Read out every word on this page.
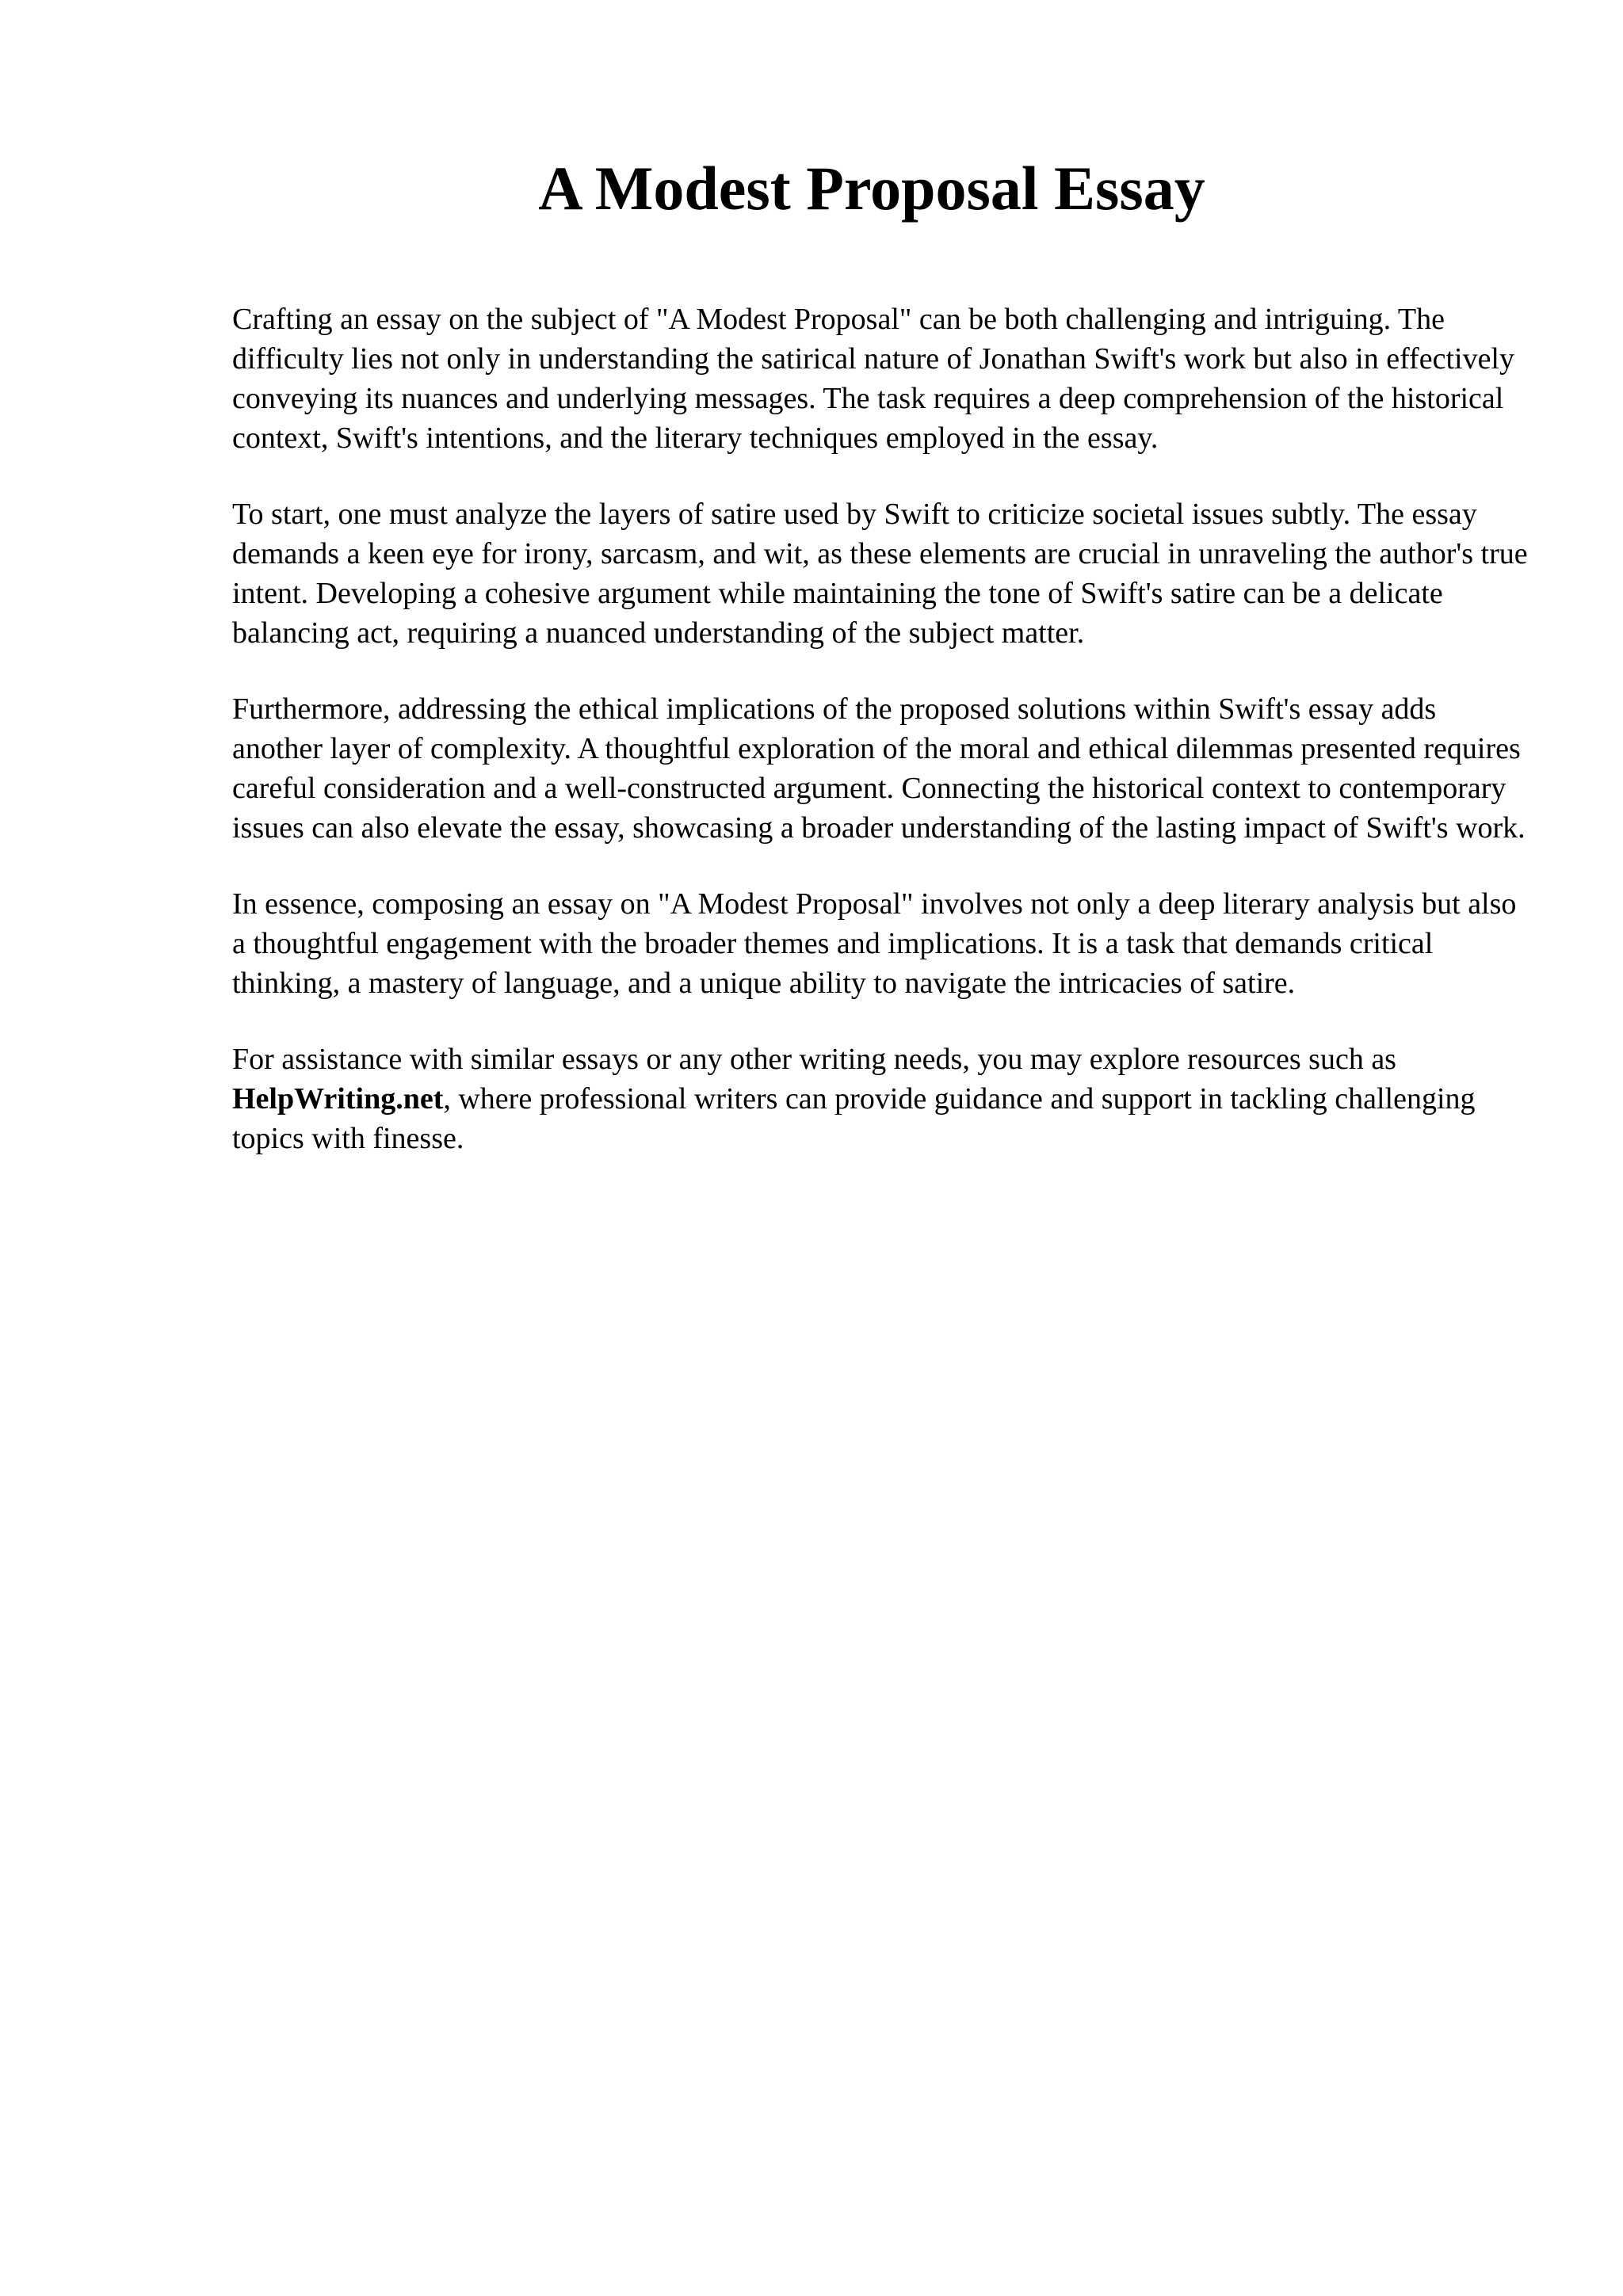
A Modest Proposal Essay

Crafting an essay on the subject of "A Modest Proposal" can be both challenging and intriguing. The difficulty lies not only in understanding the satirical nature of Jonathan Swift's work but also in effectively conveying its nuances and underlying messages. The task requires a deep comprehension of the historical context, Swift's intentions, and the literary techniques employed in the essay.

To start, one must analyze the layers of satire used by Swift to criticize societal issues subtly. The essay demands a keen eye for irony, sarcasm, and wit, as these elements are crucial in unraveling the author's true intent. Developing a cohesive argument while maintaining the tone of Swift's satire can be a delicate balancing act, requiring a nuanced understanding of the subject matter.

Furthermore, addressing the ethical implications of the proposed solutions within Swift's essay adds another layer of complexity. A thoughtful exploration of the moral and ethical dilemmas presented requires careful consideration and a well-constructed argument. Connecting the historical context to contemporary issues can also elevate the essay, showcasing a broader understanding of the lasting impact of Swift's work.

In essence, composing an essay on "A Modest Proposal" involves not only a deep literary analysis but also a thoughtful engagement with the broader themes and implications. It is a task that demands critical thinking, a mastery of language, and a unique ability to navigate the intricacies of satire.

For assistance with similar essays or any other writing needs, you may explore resources such as HelpWriting.net, where professional writers can provide guidance and support in tackling challenging topics with finesse.
